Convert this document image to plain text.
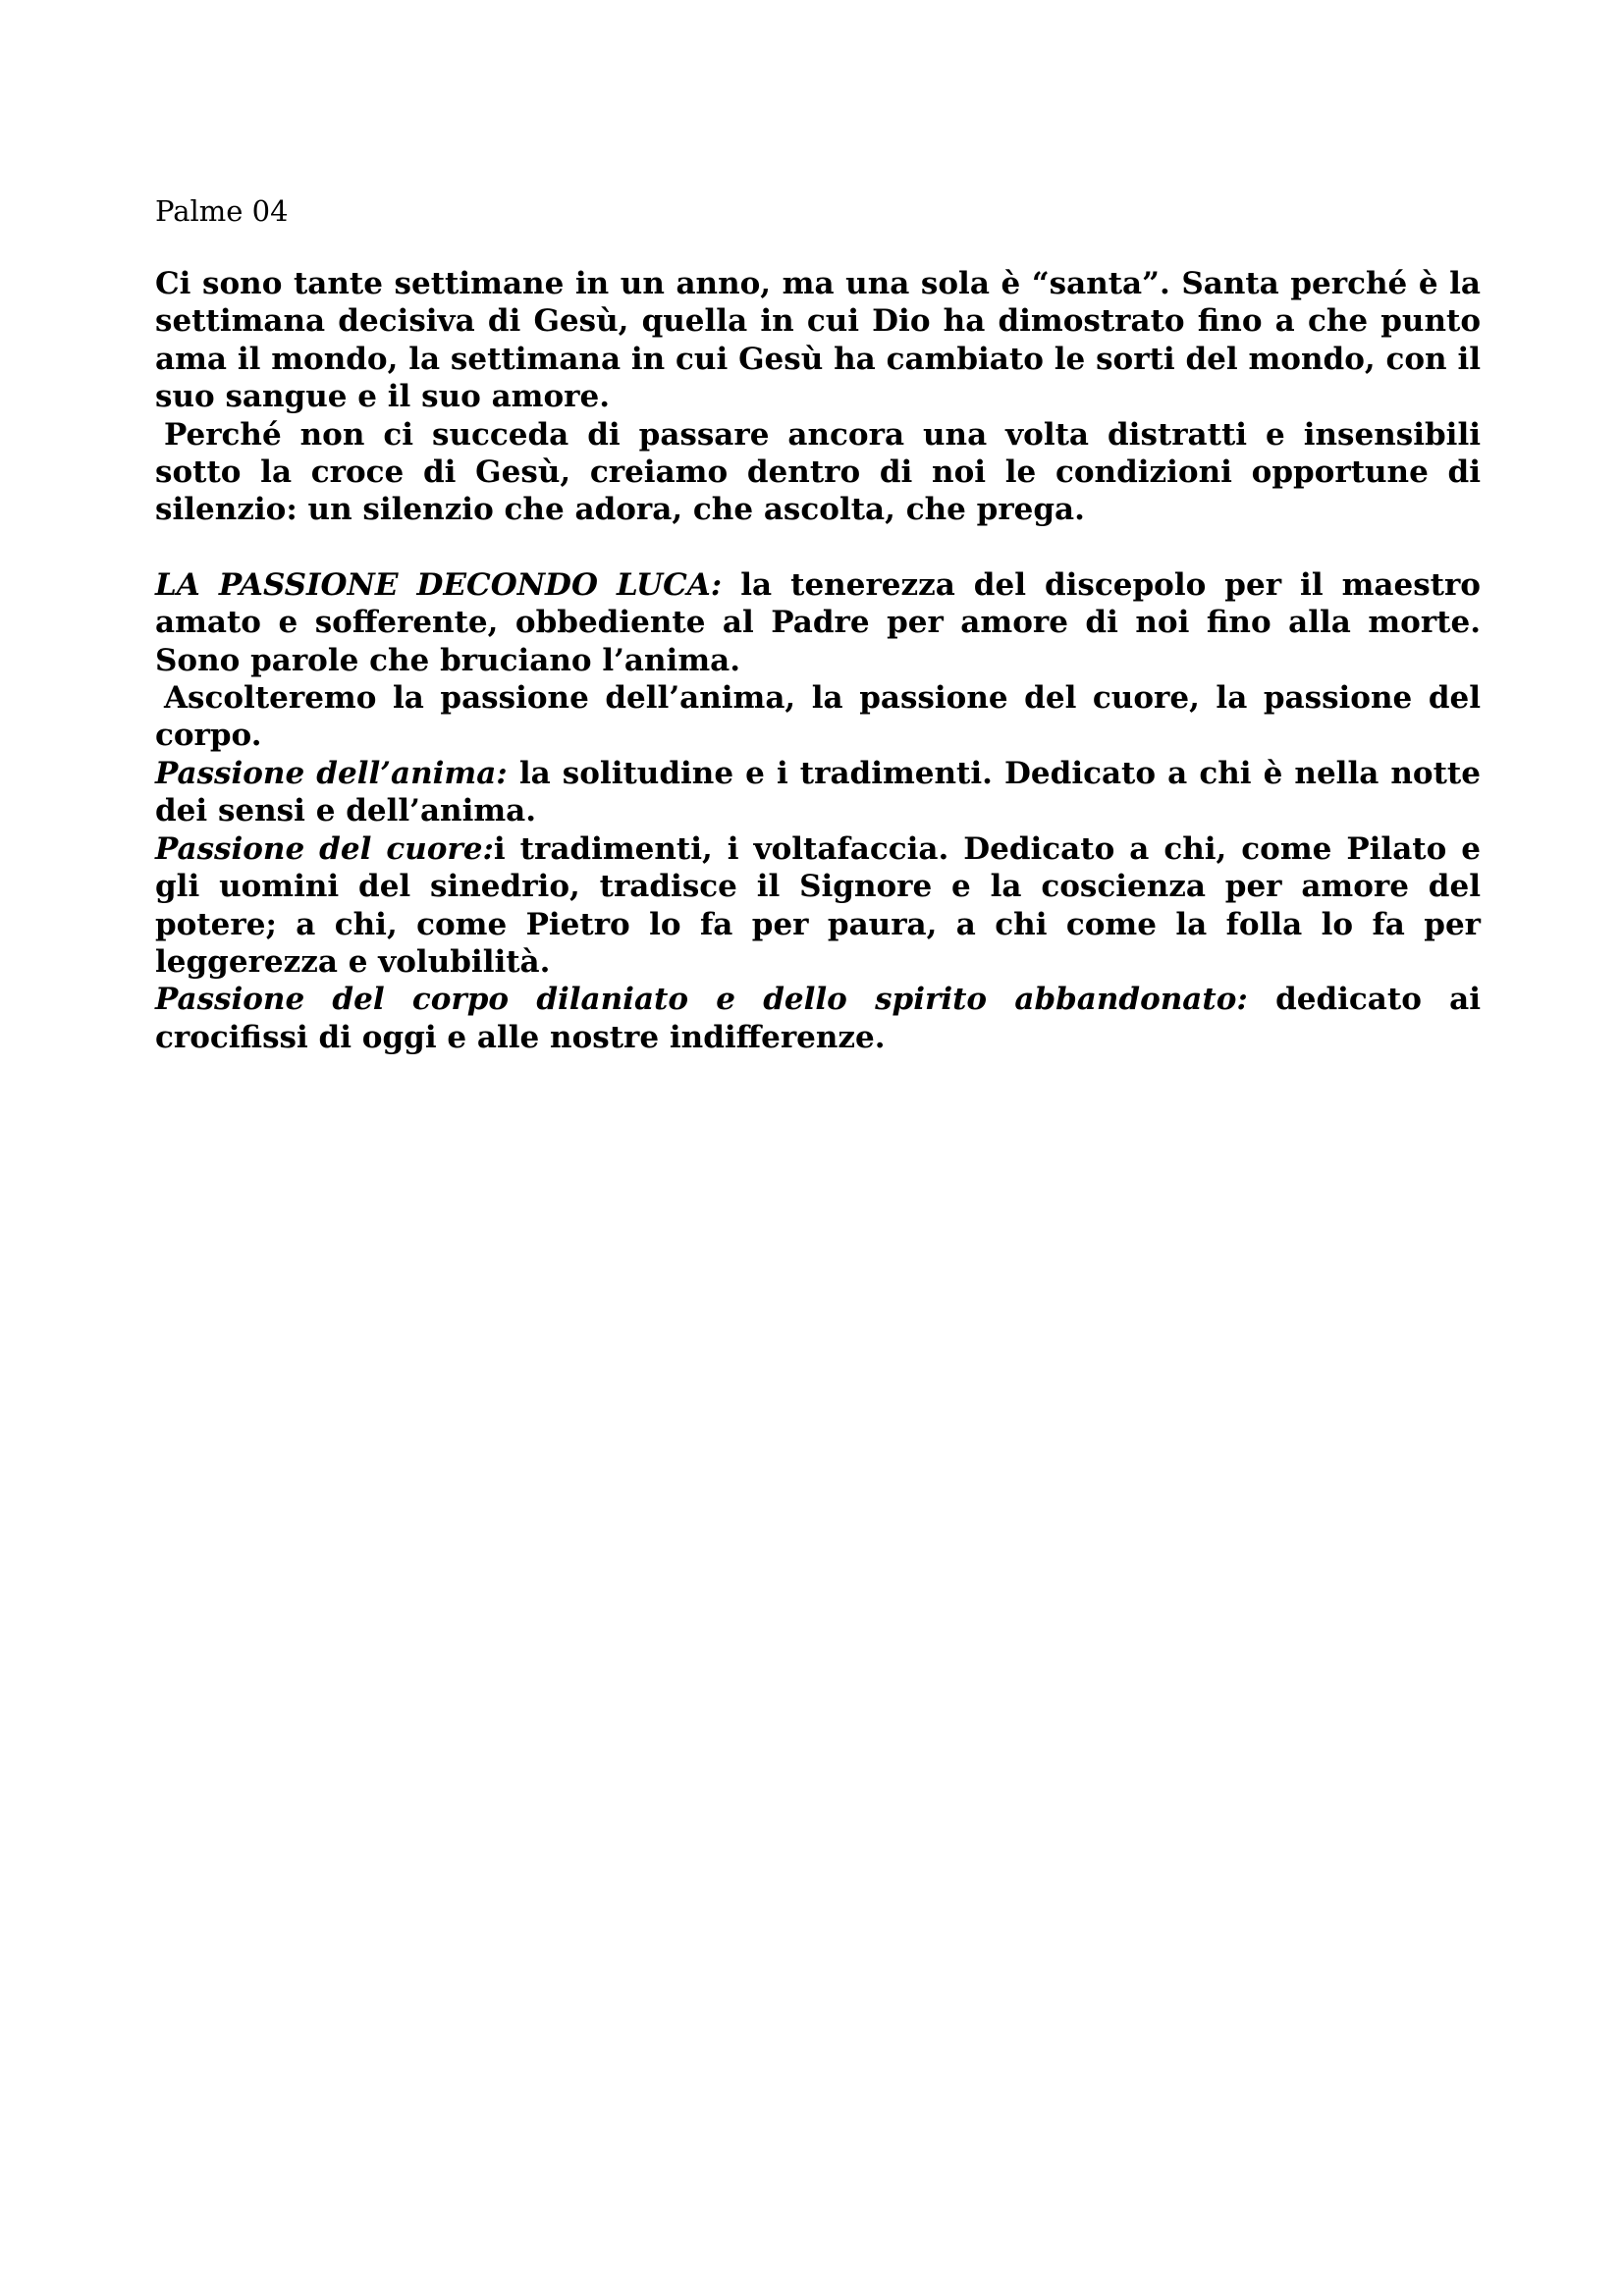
Palme 04

Ci sono tante settimane in un anno, ma una sola è “santa”. Santa perché è la settimana decisiva di Gesù, quella in cui Dio ha dimostrato fino a che punto ama il mondo, la settimana in cui Gesù ha cambiato le sorti del mondo, con il suo sangue e il suo amore.

Perché non ci succeda di passare ancora una volta distratti e insensibili sotto la croce di Gesù, creiamo dentro di noi le condizioni opportune di silenzio: un silenzio che adora, che ascolta, che prega.

LA PASSIONE DECONDO LUCA: la tenerezza del discepolo per il maestro amato e sofferente, obbediente al Padre per amore di noi fino alla morte. Sono parole che bruciano l’anima.

Ascolteremo la passione dell’anima, la passione del cuore, la passione del corpo.

Passione dell’anima: la solitudine e i tradimenti. Dedicato a chi è nella notte dei sensi e dell’anima.

Passione del cuore:i tradimenti, i voltafaccia. Dedicato a chi, come Pilato e gli uomini del sinedrio, tradisce il Signore e la coscienza per amore del potere; a chi, come Pietro lo fa per paura, a chi come la folla lo fa per leggerezza e volubilità.

Passione del corpo dilaniato e dello spirito abbandonato: dedicato ai crocifissi di oggi e alle nostre indifferenze.
